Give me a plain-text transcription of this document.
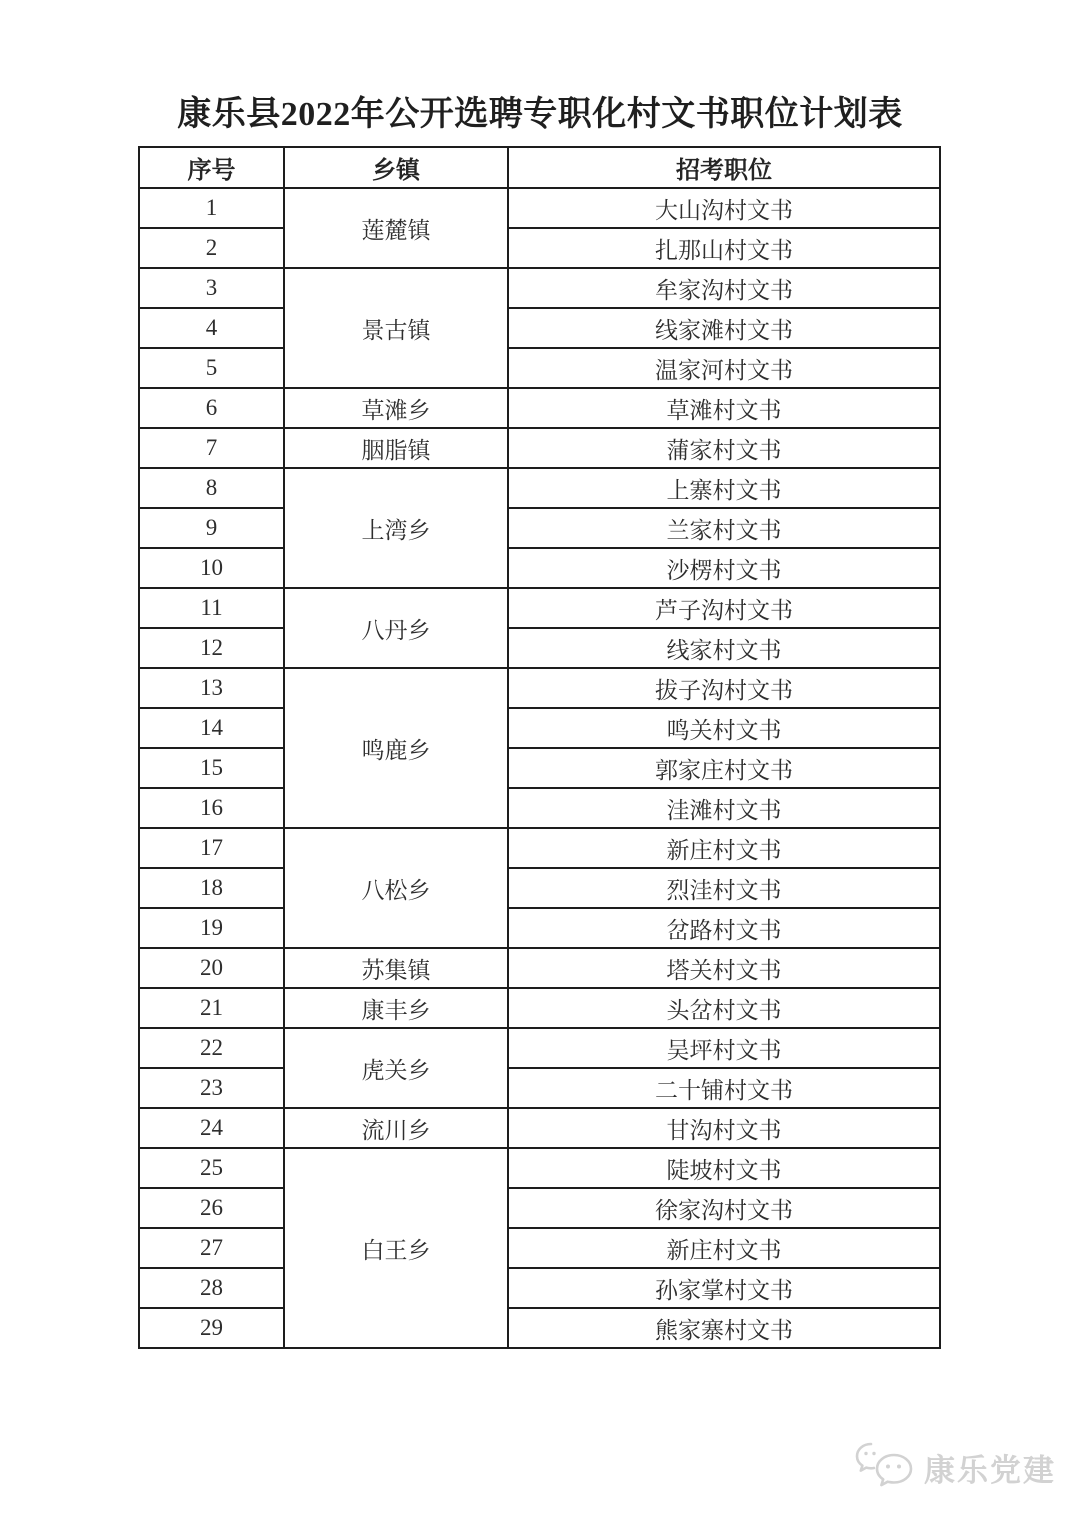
康乐县2022年公开选聘专职化村文书职位计划表
序号	乡镇	招考职位
1	莲麓镇	大山沟村文书
2		扎那山村文书
3	景古镇	牟家沟村文书
4		线家滩村文书
5		温家河村文书
6	草滩乡	草滩村文书
7	胭脂镇	蒲家村文书
8	上湾乡	上寨村文书
9		兰家村文书
10		沙楞村文书
11	八丹乡	芦子沟村文书
12		线家村文书
13	鸣鹿乡	拔子沟村文书
14		鸣关村文书
15		郭家庄村文书
16		洼滩村文书
17	八松乡	新庄村文书
18		烈洼村文书
19		岔路村文书
20	苏集镇	塔关村文书
21	康丰乡	头岔村文书
22	虎关乡	吴坪村文书
23		二十铺村文书
24	流川乡	甘沟村文书
25	白王乡	陡坡村文书
26		徐家沟村文书
27		新庄村文书
28		孙家掌村文书
29		熊家寨村文书
康乐党建
